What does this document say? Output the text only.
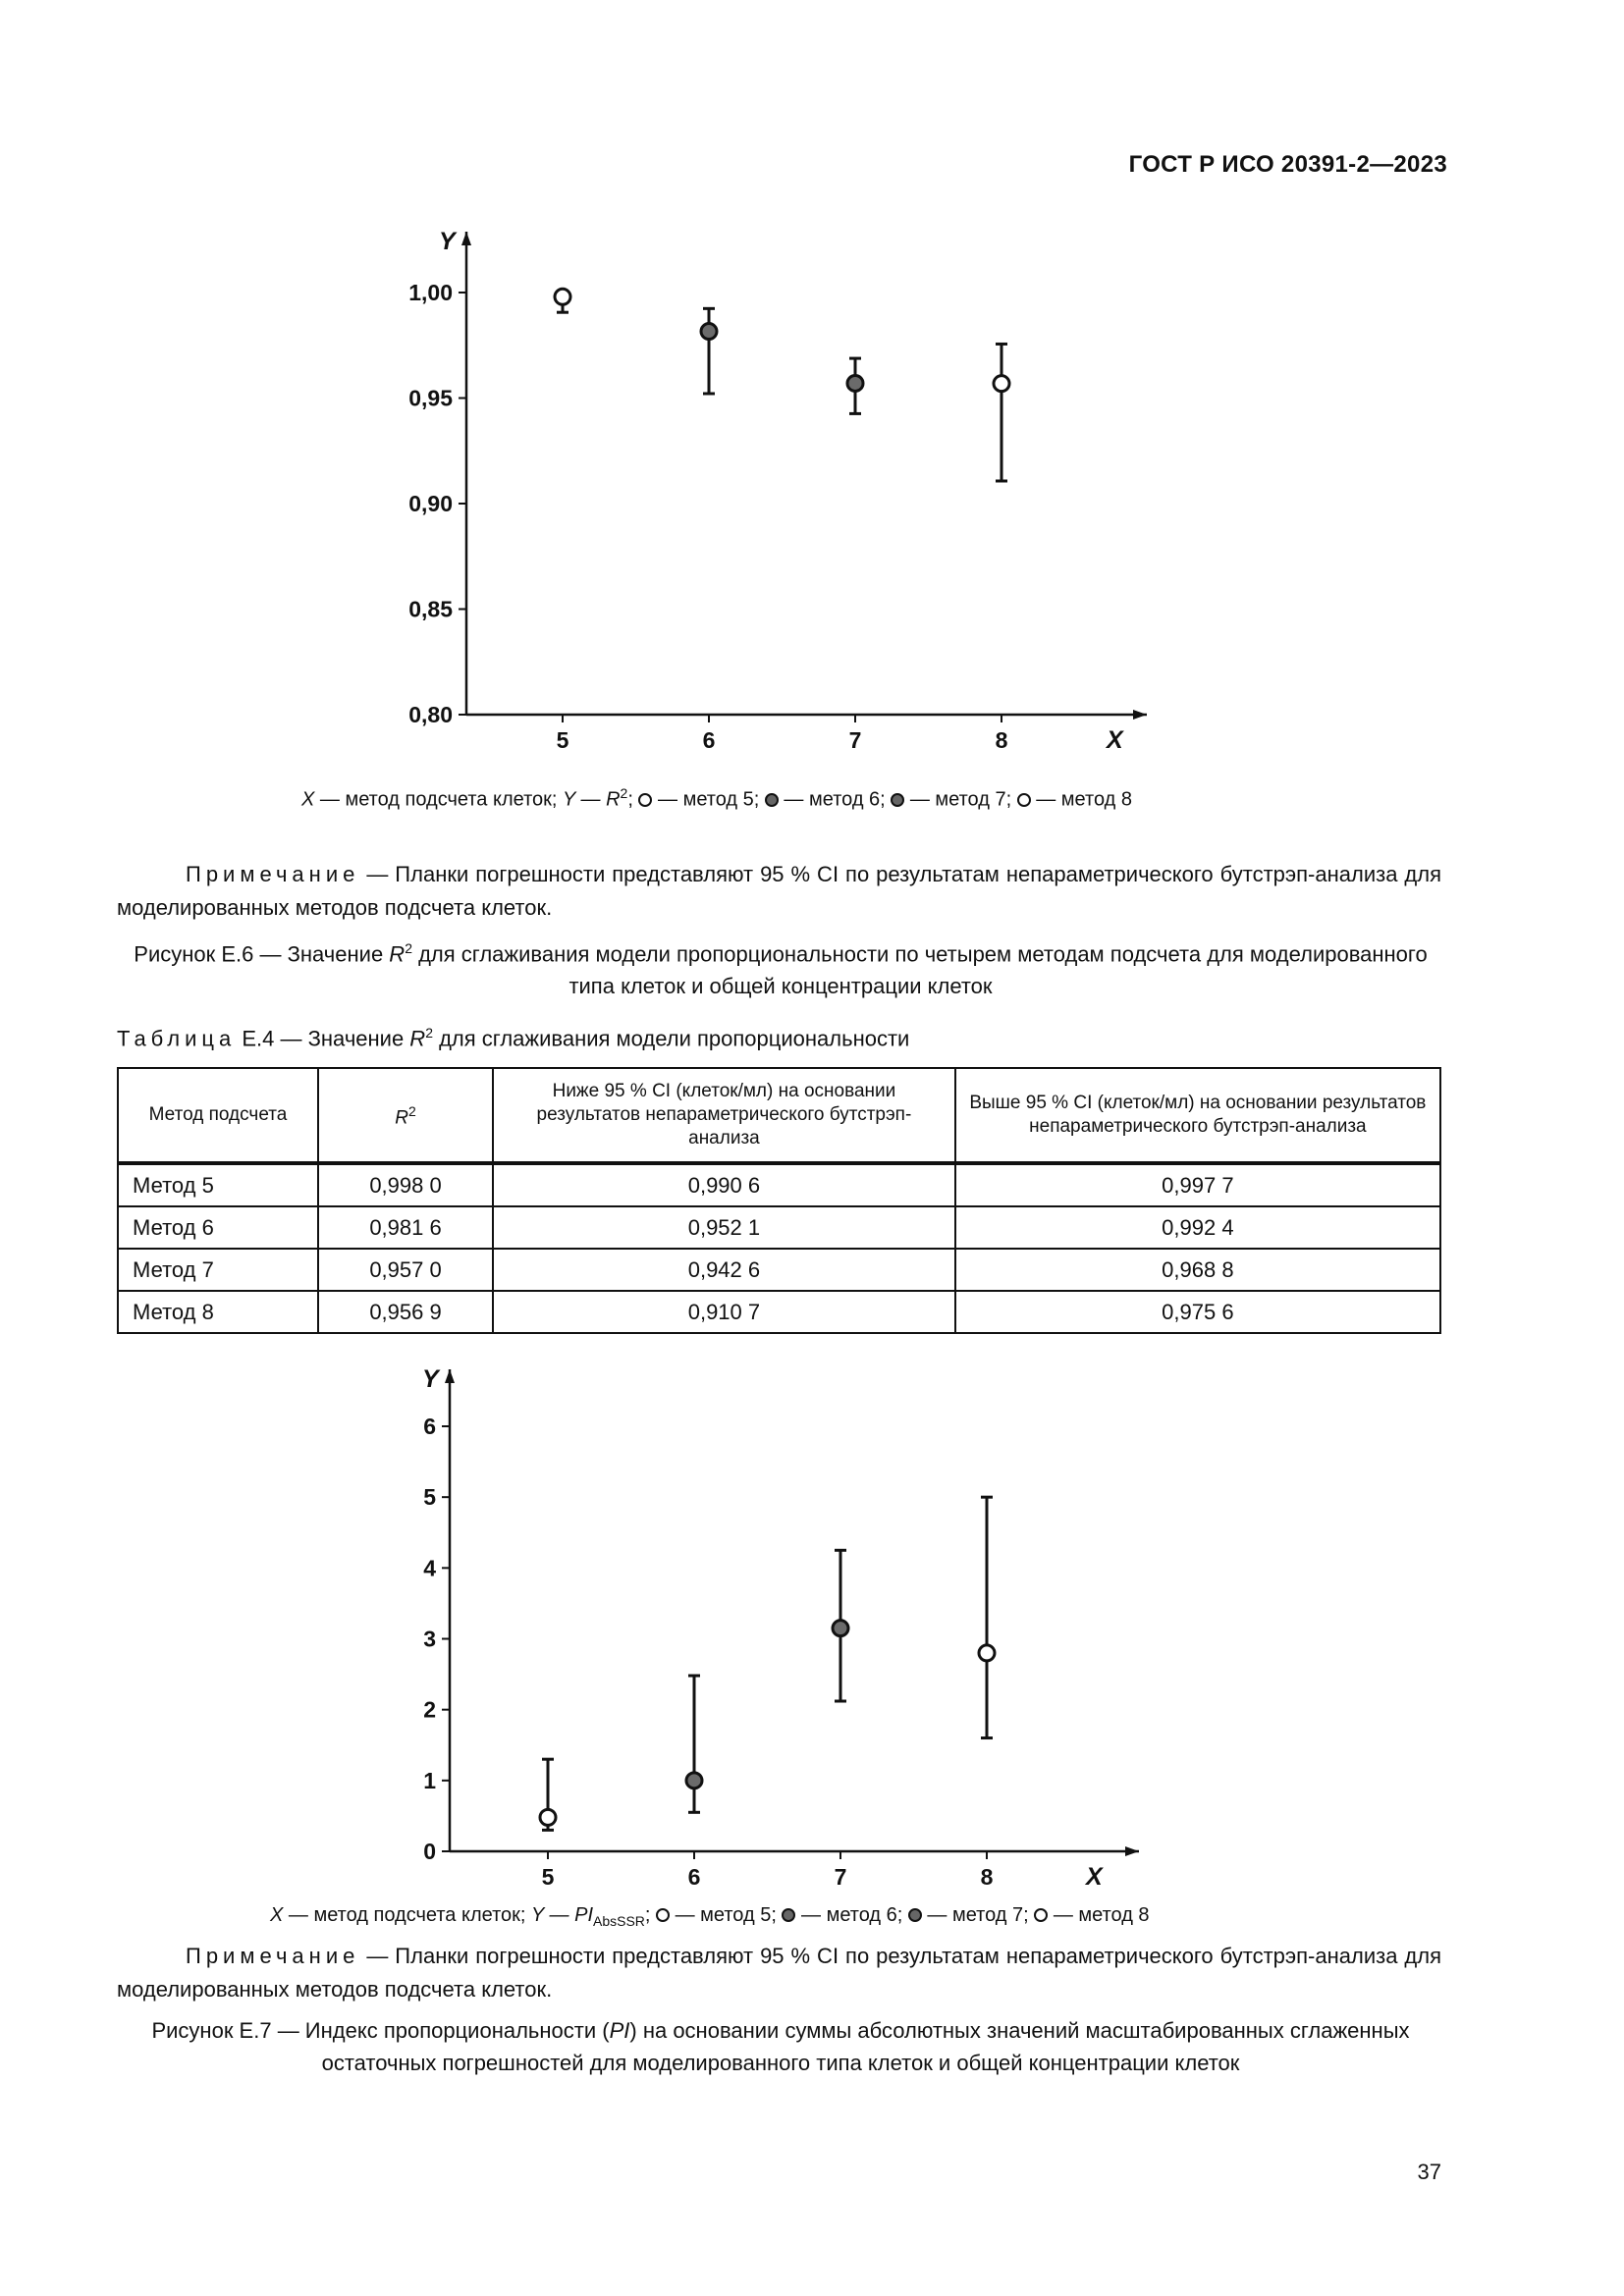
ГОСТ Р ИСО 20391-2—2023
0,80
0,85
0,90
0,95
1,00
5	6	7	8	X
Y
X — метод подсчета клеток; Y — $R^2$;  — метод 5;  — метод 6;  — метод 7;  — метод 8
Примечание — Планки погрешности представляют 95 % CI по результатам непараметрического бутстрэп-анализа для моделированных методов подсчета клеток.
Рисунок Е.6 — Значение $R^2$ для сглаживания модели пропорциональности по четырем методам подсчета для моделированного типа клеток и общей концентрации клеток
Таблица Е.4 — Значение $R^2$ для сглаживания модели пропорциональности
Метод подсчета	$R^2$	Ниже 95 % CI (клеток/мл) на основании результатов непараметрического бутстрэп-анализа	Выше 95 % CI (клеток/мл) на основании результатов непараметрического бутстрэп-анализа
Метод 5	0,998 0	0,990 6	0,997 7
Метод 6	0,981 6	0,952 1	0,992 4
Метод 7	0,957 0	0,942 6	0,968 8
Метод 8	0,956 9	0,910 7	0,975 6
0
1
2
3
4
5
6
5	6	7	8	X
Y
X — метод подсчета клеток; Y — $PI_{AbsSSR}$;  — метод 5;  — метод 6;  — метод 7;  — метод 8
Примечание — Планки погрешности представляют 95 % CI по результатам непараметрического бутстрэп-анализа для моделированных методов подсчета клеток.
Рисунок Е.7 — Индекс пропорциональности (PI) на основании суммы абсолютных значений масштабированных сглаженных остаточных погрешностей для моделированного типа клеток и общей концентрации клеток
37
